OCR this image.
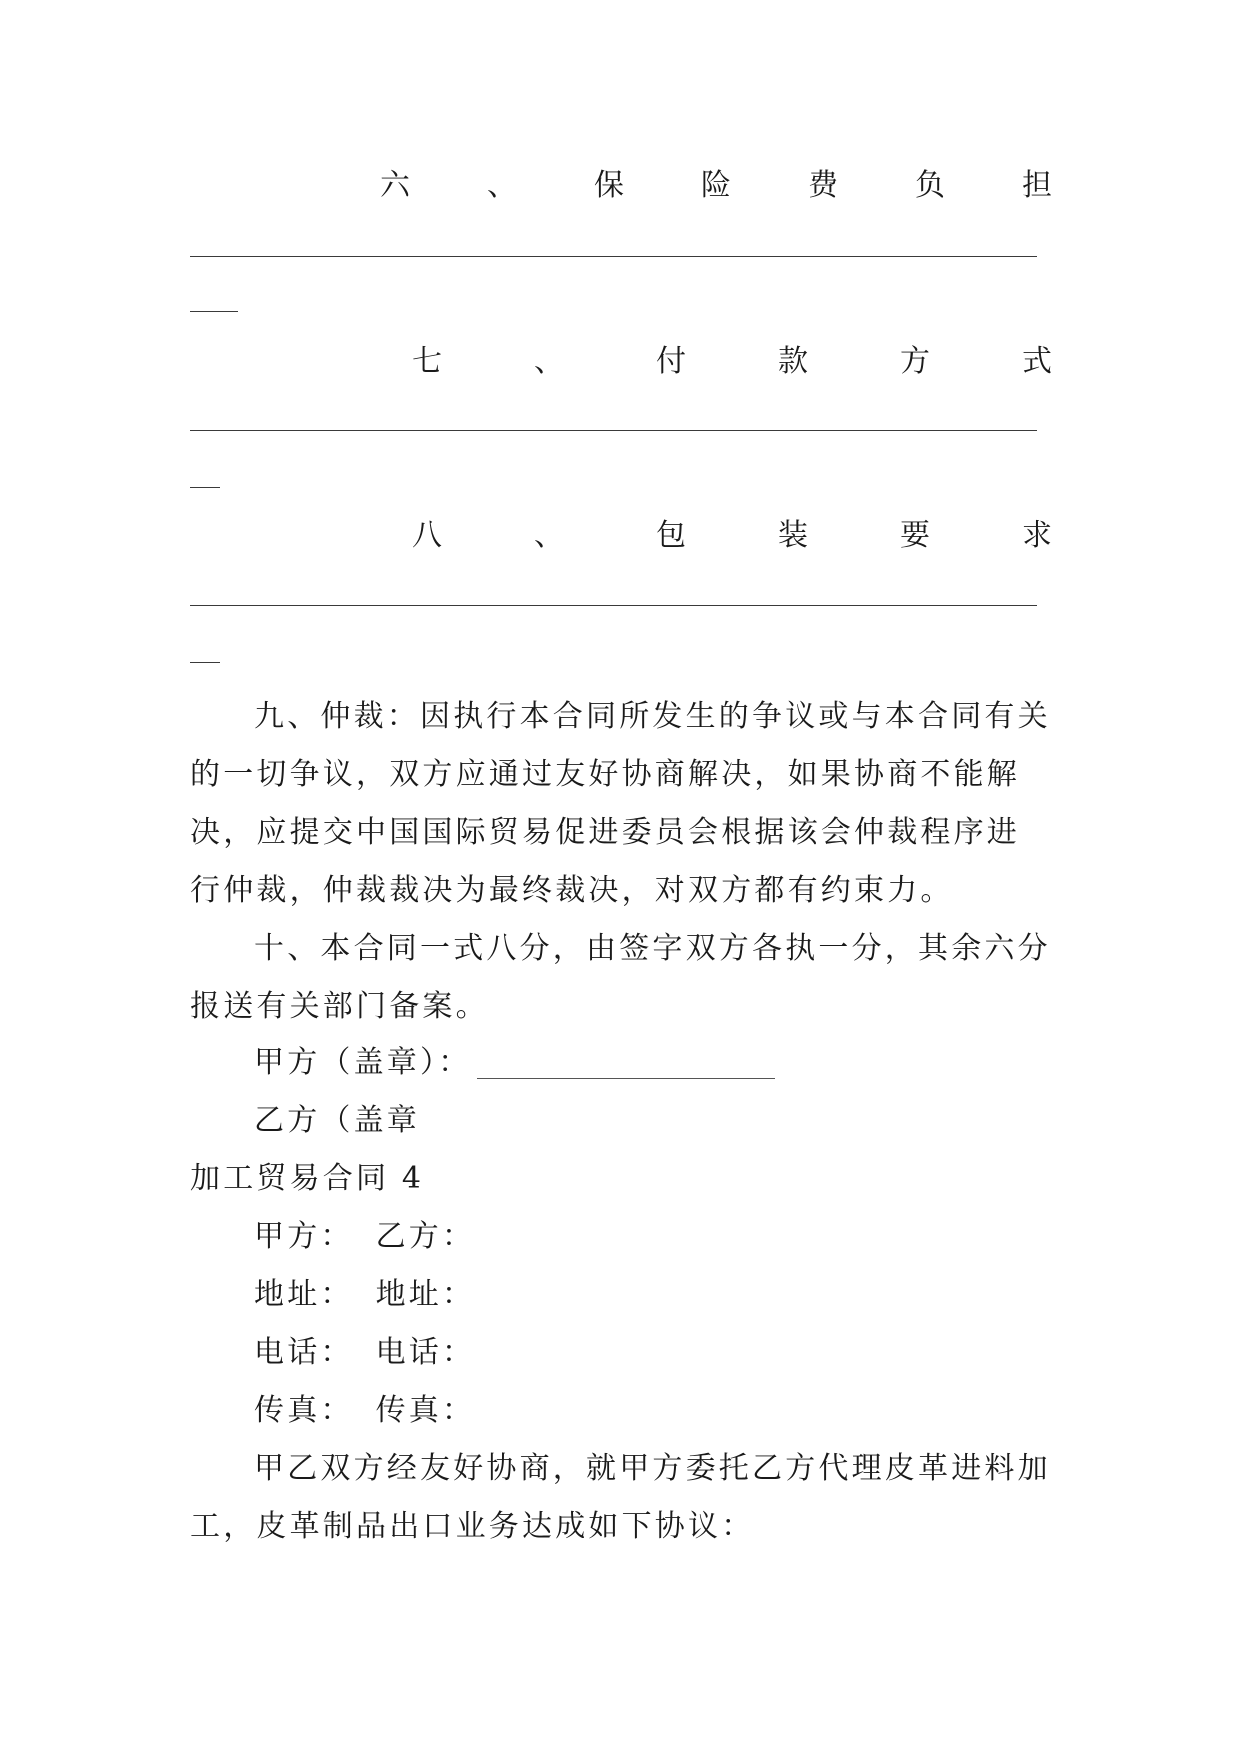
六	、	保	险	费	负	担
七	、	付	款	方	式
八	、	包	装	要	求

九、仲裁：因执行本合同所发生的争议或与本合同有关的一切争议，双方应通过友好协商解决，如果协商不能解决，应提交中国国际贸易促进委员会根据该会仲裁程序进行仲裁，仲裁裁决为最终裁决，对双方都有约束力。

十、本合同一式八分，由签字双方各执一分，其余六分报送有关部门备案。

甲方（盖章）：
乙方（盖章
加工贸易合同 4
甲方： 乙方：
地址： 地址：
电话： 电话：
传真： 传真：

甲乙双方经友好协商，就甲方委托乙方代理皮革进料加工，皮革制品出口业务达成如下协议：
